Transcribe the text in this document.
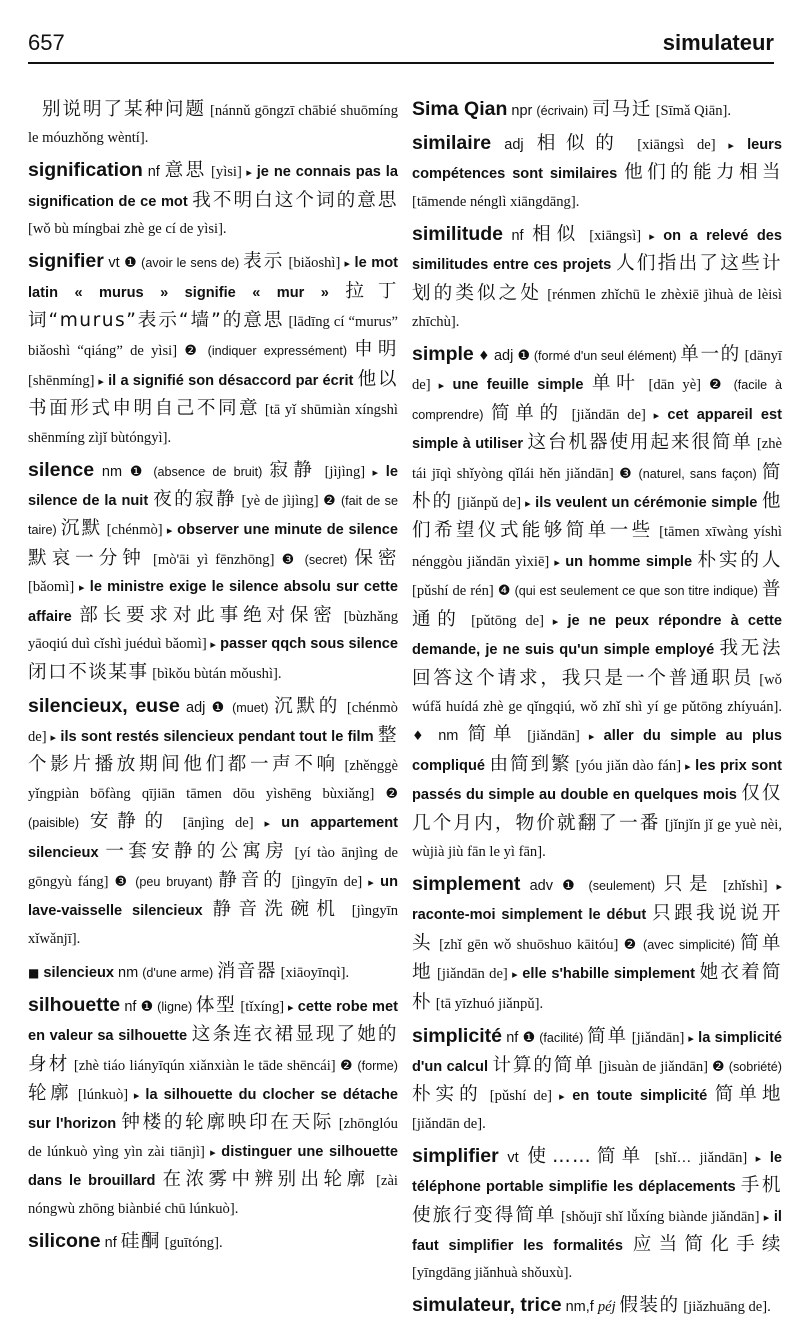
657	simulateur
别说明了某种问题 [nánnǔ gōngzī chābié shuōmíng le móuzhǒng wèntí].
signification nf 意思 [yìsi] ▸ je ne connais pas la signification de ce mot 我不明白这个词的意思 [wǒ bù míngbai zhè ge cí de yìsi].
signifier vt ❶ (avoir le sens de) 表示 [biǎoshì] ▸ le mot latin « murus » signifie « mur » 拉丁词“murus”表示“墙”的意思 [lādīng cí “murus” biǎoshì “qiáng” de yìsi] ❷ (indiquer expressément) 申明 [shēnmíng] ▸ il a signifié son désaccord par écrit 他以书面形式申明自己不同意 [tā yǐ shūmiàn xíngshì shēnmíng zìjǐ bùtóngyì].
silence nm ❶ (absence de bruit) 寂静 [jìjìng] ▸ le silence de la nuit 夜的寂静 [yè de jìjìng] ❷ (fait de se taire) 沉默 [chénmò] ▸ observer une minute de silence 默哀一分钟 [mò'āi yì fēnzhōng] ❸ (secret) 保密 [bǎomì] ▸ le ministre exige le silence absolu sur cette affaire 部长要求对此事绝对保密 [bùzhǎng yāoqiú duì cǐshì juéduì bǎomì] ▸ passer qqch sous silence 闭口不谈某事 [bìkǒu bùtán mǒushì].
silencieux, euse adj ❶ (muet) 沉默的 [chénmò de] ▸ ils sont restés silencieux pendant tout le film 整个影片播放期间他们都一声不响 [zhěnggè yǐngpiàn bōfàng qījiān tāmen dōu yìshēng bùxiǎng] ❷ (paisible) 安静的 [ānjìng de] ▸ un appartement silencieux 一套安静的公寓房 [yí tào ānjìng de gōngyù fáng] ❸ (peu bruyant) 静音的 [jìngyīn de] ▸ un lave-vaisselle silencieux 静音洗碗机 [jìngyīn xǐwǎnjī].
■ silencieux nm (d'une arme) 消音器 [xiāoyīnqì].
silhouette nf ❶ (ligne) 体型 [tǐxíng] ▸ cette robe met en valeur sa silhouette 这条连衣裙显现了她的身材 [zhè tiáo liányīqún xiǎnxiàn le tāde shēncái] ❷ (forme) 轮廓 [lúnkuò] ▸ la silhouette du clocher se détache sur l'horizon 钟楼的轮廓映印在天际 [zhōnglóu de lúnkuò yìng yìn zài tiānjì] ▸ distinguer une silhouette dans le brouillard 在浓雾中辨别出轮廓 [zài nóngwù zhōng biànbié chū lúnkuò].
silicone nf 硅酮 [guītóng].
Sima Qian npr (écrivain) 司马迁 [Sīmǎ Qiān].
similaire adj 相似的 [xiāngsì de] ▸ leurs compétences sont similaires 他们的能力相当 [tāmende nénglì xiāngdāng].
similitude nf 相似 [xiāngsì] ▸ on a relevé des similitudes entre ces projets 人们指出了这些计划的类似之处 [rénmen zhǐchū le zhèxiē jìhuà de lèisì zhīchù].
simple ♦ adj ❶ (formé d'un seul élément) 单一的 [dānyī de] ▸ une feuille simple 单叶 [dān yè] ❷ (facile à comprendre) 简单的 [jiǎndān de] ▸ cet appareil est simple à utiliser 这台机器使用起来很简单 [zhè tái jīqì shǐyòng qǐlái hěn jiǎndān] ❸ (naturel, sans façon) 简朴的 [jiǎnpǔ de] ▸ ils veulent un cérémonie simple 他们希望仪式能够简单一些 [tāmen xīwàng yíshì nénggòu jiǎndān yìxiē] ▸ un homme simple 朴实的人 [pǔshí de rén] ❹ (qui est seulement ce que son titre indique) 普通的 [pǔtōng de] ▸ je ne peux répondre à cette demande, je ne suis qu'un simple employé 我无法回答这个请求，我只是一个普通职员 [wǒ wúfǎ huídá zhè ge qǐngqiú, wǒ zhǐ shì yí ge pǔtōng zhíyuán]. ♦ nm 简单 [jiǎndān] ▸ aller du simple au plus compliqué 由简到繁 [yóu jiǎn dào fán] ▸ les prix sont passés du simple au double en quelques mois 仅仅几个月内，物价就翻了一番 [jǐnjǐn jǐ ge yuè nèi, wùjià jiù fān le yì fān].
simplement adv ❶ (seulement) 只是 [zhǐshì] ▸ raconte-moi simplement le début 只跟我说说开头 [zhǐ gēn wǒ shuōshuo kāitóu] ❷ (avec simplicité) 简单地 [jiǎndān de] ▸ elle s'habille simplement 她衣着简朴 [tā yīzhuó jiǎnpǔ].
simplicité nf ❶ (facilité) 简单 [jiǎndān] ▸ la simplicité d'un calcul 计算的简单 [jìsuàn de jiǎndān] ❷ (sobriété) 朴实的 [pǔshí de] ▸ en toute simplicité 简单地 [jiǎndān de].
simplifier vt 使……简单 [shǐ… jiǎndān] ▸ le téléphone portable simplifie les déplacements 手机使旅行变得简单 [shǒujī shǐ lǚxíng biànde jiǎndān] ▸ il faut simplifier les formalités 应当简化手续 [yīngdāng jiǎnhuà shǒuxù].
simulateur, trice nm,f péj 假装的 [jiǎzhuāng de].
